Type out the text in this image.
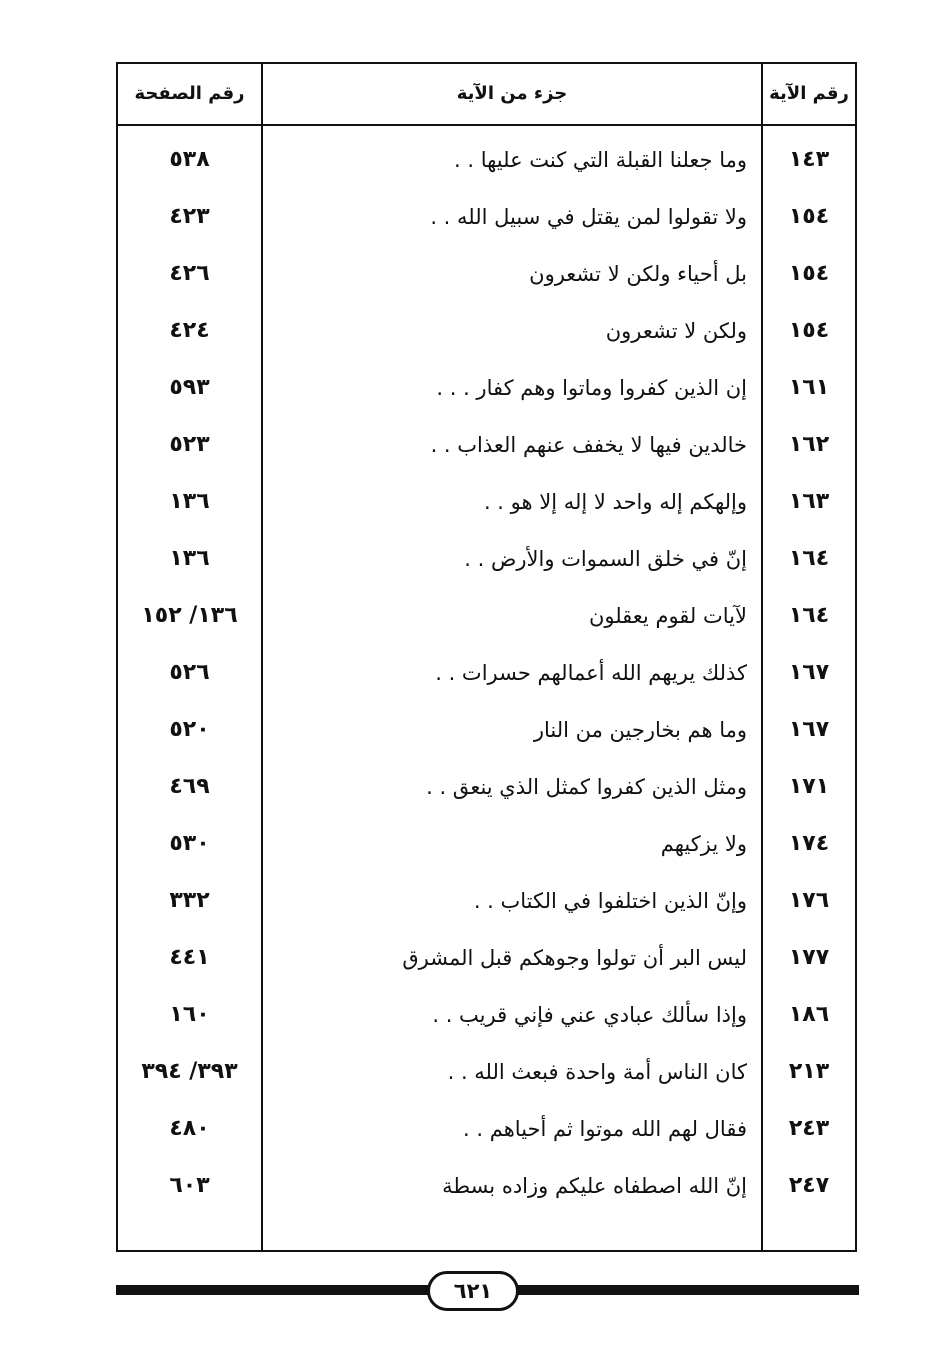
رقم الصفحة	جزء من الآية	رقم الآية
٥٣٨	وما جعلنا القبلة التي كنت عليها . .	١٤٣
٤٢٣	ولا تقولوا لمن يقتل في سبيل الله . .	١٥٤
٤٢٦	بل أحياء ولكن لا تشعرون	١٥٤
٤٢٤	ولكن لا تشعرون	١٥٤
٥٩٣	إن الذين كفروا وماتوا وهم كفار . . .	١٦١
٥٢٣	خالدين فيها لا يخفف عنهم العذاب . .	١٦٢
١٣٦	وإلهكم إله واحد لا إله إلا هو . .	١٦٣
١٣٦	إنّ في خلق السموات والأرض . .	١٦٤
١٣٦/ ١٥٢	لآيات لقوم يعقلون	١٦٤
٥٢٦	كذلك يريهم الله أعمالهم حسرات . .	١٦٧
٥٢٠	وما هم بخارجين من النار	١٦٧
٤٦٩	ومثل الذين كفروا كمثل الذي ينعق . .	١٧١
٥٣٠	ولا يزكيهم	١٧٤
٣٣٢	وإنّ الذين اختلفوا في الكتاب . .	١٧٦
٤٤١	ليس البر أن تولوا وجوهكم قبل المشرق	١٧٧
١٦٠	وإذا سألك عبادي عني فإني قريب . .	١٨٦
٣٩٣/ ٣٩٤	كان الناس أمة واحدة فبعث الله . .	٢١٣
٤٨٠	فقال لهم الله موتوا ثم أحياهم . .	٢٤٣
٦٠٣	إنّ الله اصطفاه عليكم وزاده بسطة	٢٤٧
٦٢١
